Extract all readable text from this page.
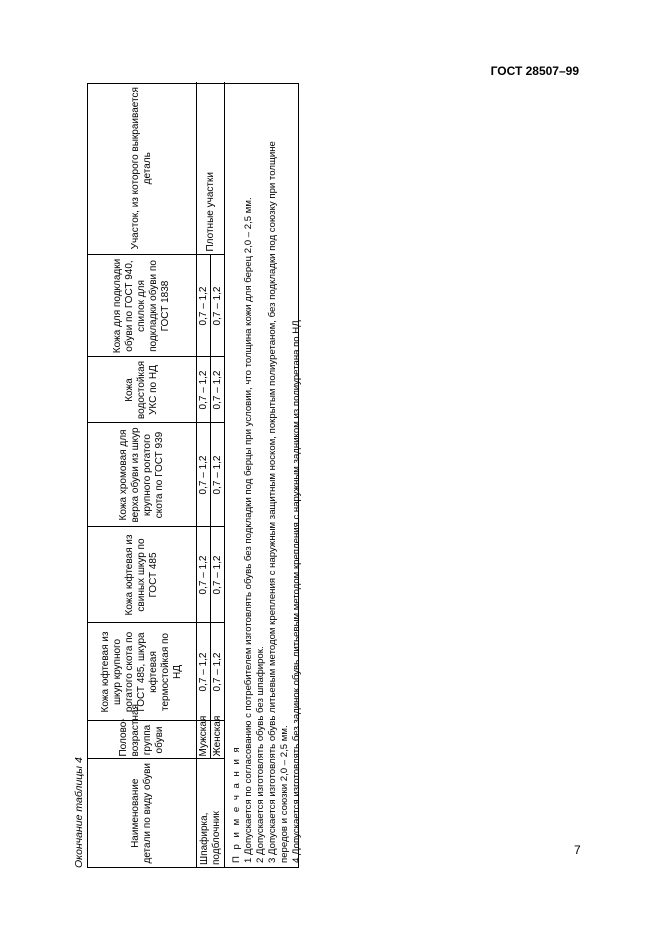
ГОСТ 28507–99
Окончание таблицы 4	Наименование детали по виду обуви	Полово-возрастная группа обуви	Кожа юфтевая из шкур крупного рогатого скота по ГОСТ 485, шкура юфтевая термостойкая по НД	Кожа юфтевая из свиных шкур по ГОСТ 485	Кожа хромовая для верха обуви из шкур крупного рогатого скота по ГОСТ 939	Кожа водостойкая УКС по НД	Кожа для подкладки обуви по ГОСТ 940, спилок для подкладки обуви по ГОСТ 1838	Участок, из которого выкраивается деталь
Шпафирка, подблочник	Мужская	0,7 – 1,2	0,7 – 1,2	0,7 – 1,2	0,7 – 1,2	0,7 – 1,2	Плотные участки
	Женская	0,7 – 1,2	0,7 – 1,2	0,7 – 1,2	0,7 – 1,2	0,7 – 1,2	
П р и м е ч а н и я 1 Допускается по согласованию с потребителем изготовлять обувь без подкладки под берцы при условии, что толщина кожи для берец 2,0 – 2,5 мм. 2 Допускается изготовлять обувь без шпафирок. 3 Допускается изготовлять обувь литьевым методом крепления с наружным защитным носком, покрытым полиуретаном, без подкладки под союзку при толщине передов и союзки 2,0 – 2,5 мм. 4 Допускается изготовлять без задинок обувь литьевым методом крепления с наружным задником из полиуретана по НД.	7
